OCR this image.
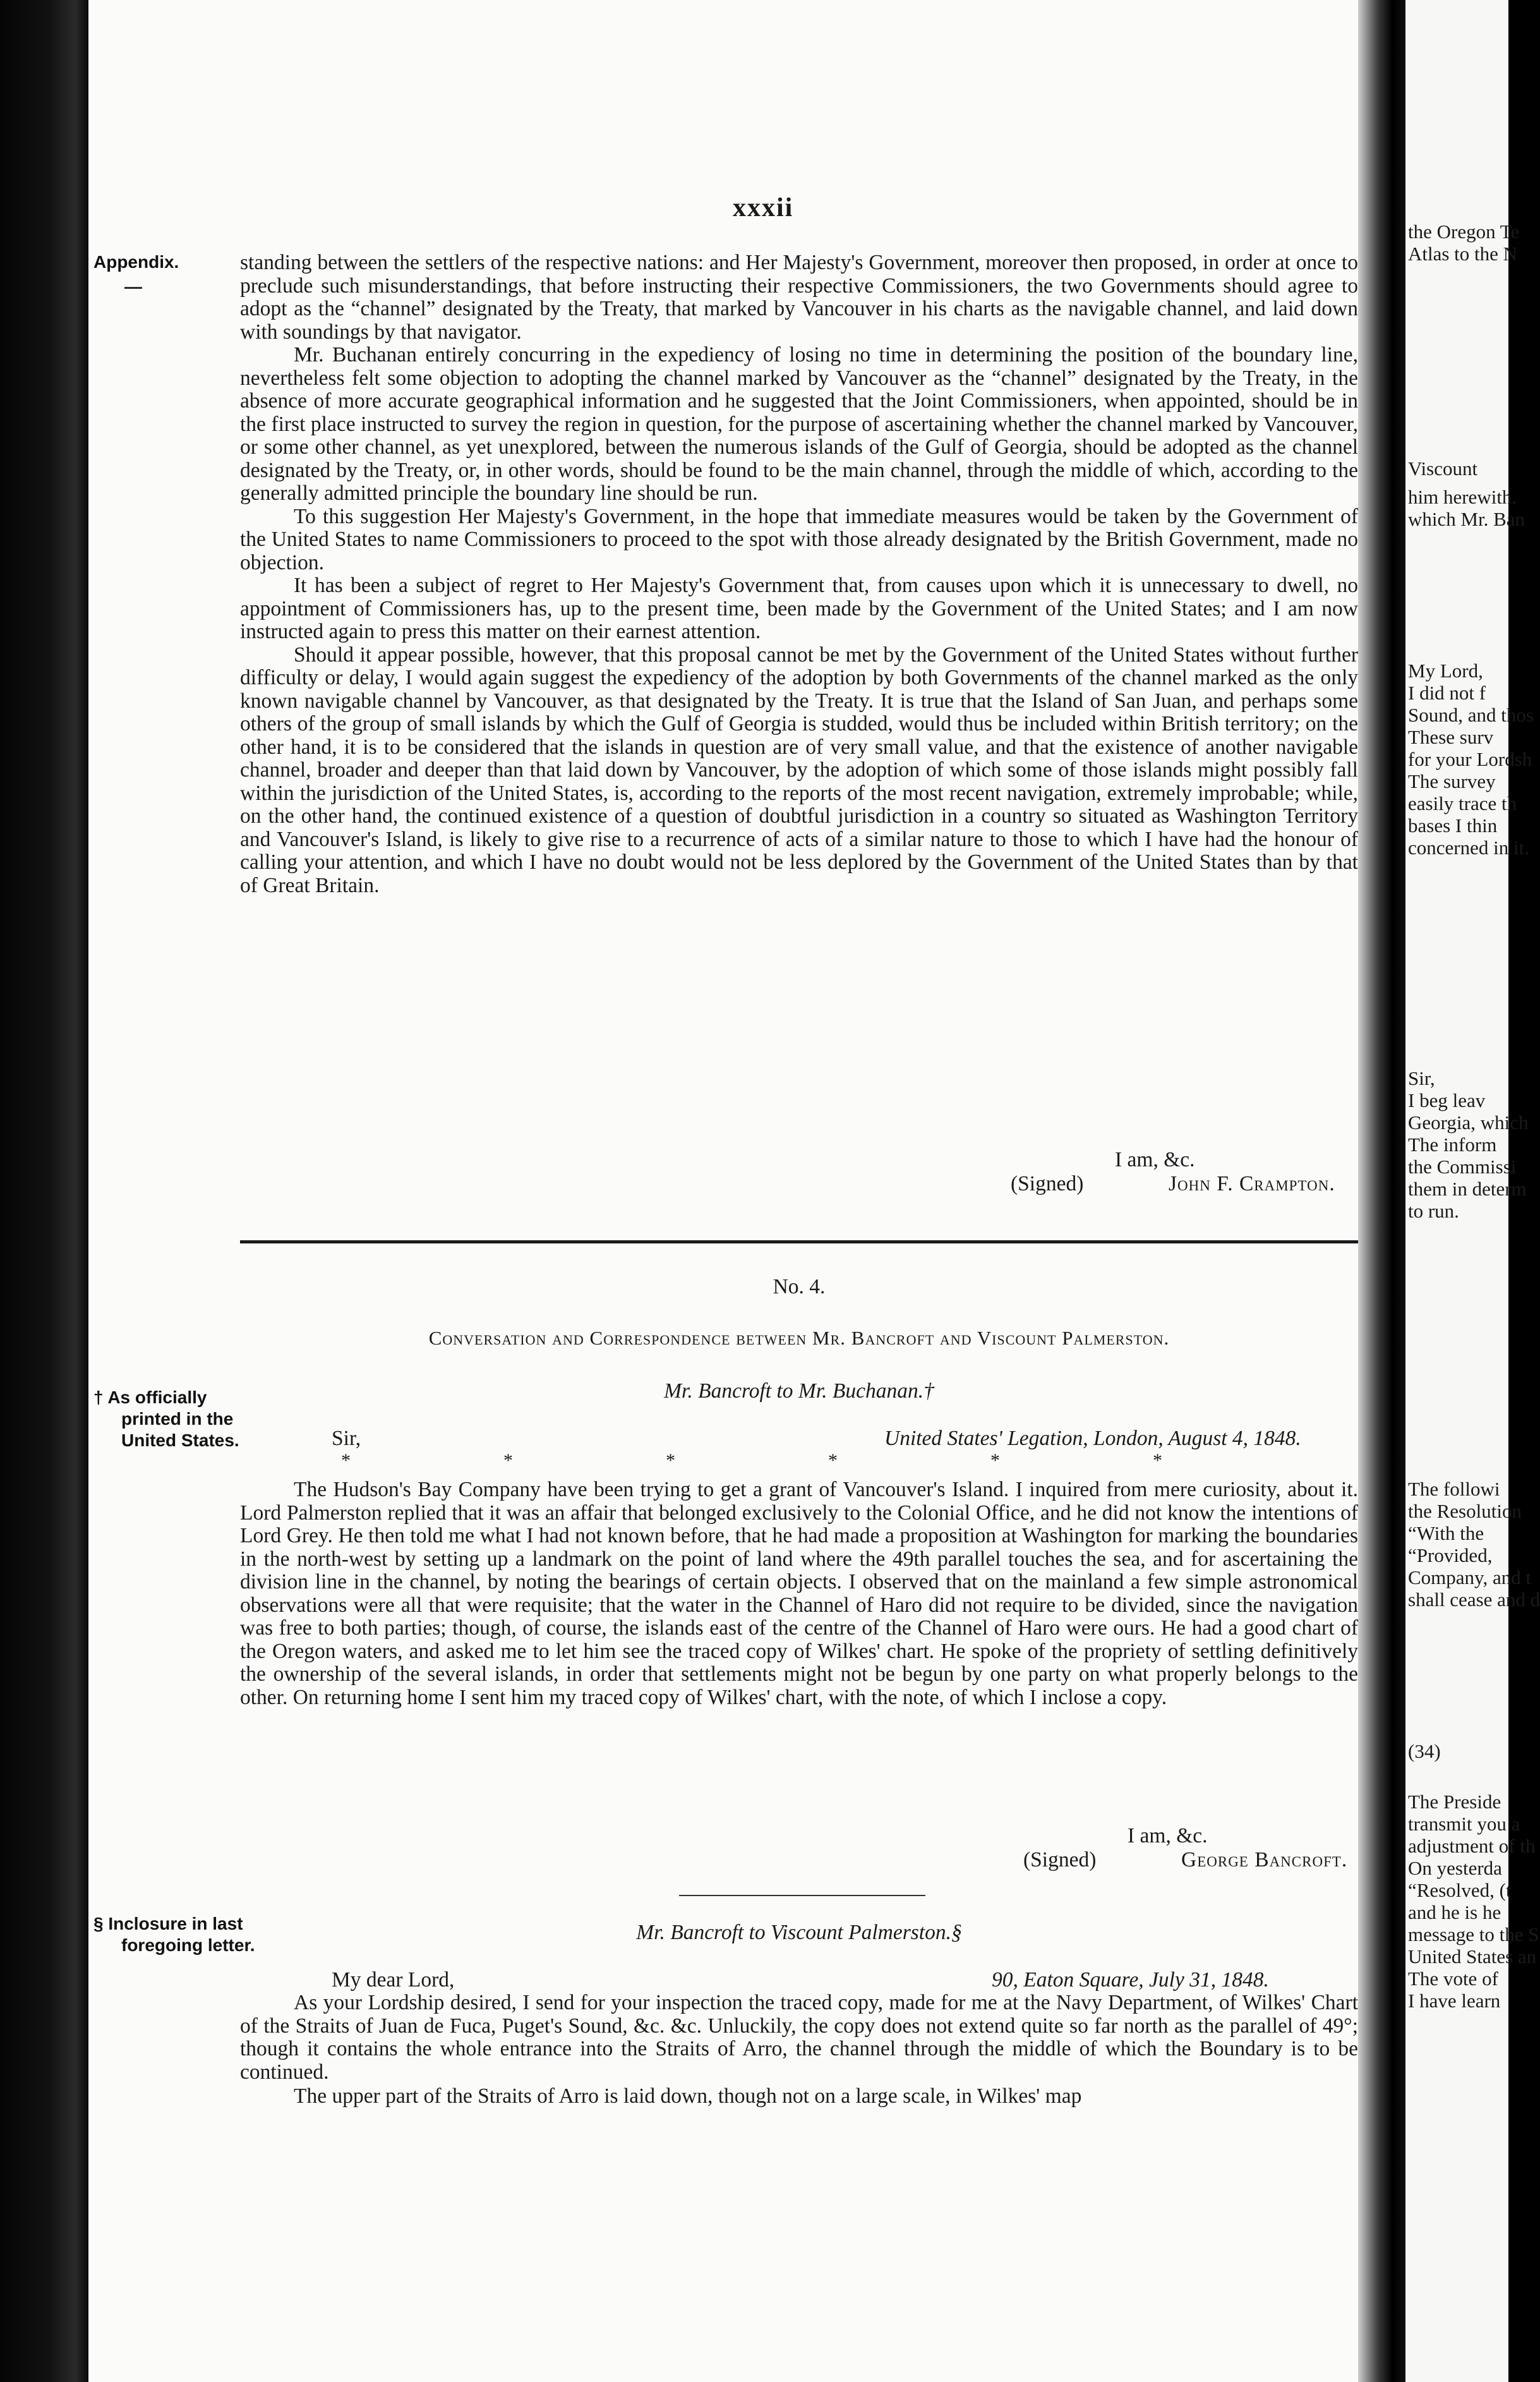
xxxii
Appendix.
—
† As officially
printed in the
United States.
§ Inclosure in last
foregoing letter.

standing between the settlers of the respective nations: and Her Majesty's Government, moreover then proposed, in order at once to preclude such misunderstandings, that before instructing their respective Commissioners, the two Governments should agree to adopt as the “channel” designated by the Treaty, that marked by Vancouver in his charts as the navigable channel, and laid down with soundings by that navigator.

Mr. Buchanan entirely concurring in the expediency of losing no time in determining the position of the boundary line, nevertheless felt some objection to adopting the channel marked by Vancouver as the “channel” designated by the Treaty, in the absence of more accurate geographical information and he suggested that the Joint Commissioners, when appointed, should be in the first place instructed to survey the region in question, for the purpose of ascertaining whether the channel marked by Vancouver, or some other channel, as yet unexplored, between the numerous islands of the Gulf of Georgia, should be adopted as the channel designated by the Treaty, or, in other words, should be found to be the main channel, through the middle of which, according to the generally admitted principle the boundary line should be run.

To this suggestion Her Majesty's Government, in the hope that immediate measures would be taken by the Government of the United States to name Commissioners to proceed to the spot with those already designated by the British Government, made no objection.

It has been a subject of regret to Her Majesty's Government that, from causes upon which it is unnecessary to dwell, no appointment of Commissioners has, up to the present time, been made by the Government of the United States; and I am now instructed again to press this matter on their earnest attention.

Should it appear possible, however, that this proposal cannot be met by the Government of the United States without further difficulty or delay, I would again suggest the expediency of the adoption by both Governments of the channel marked as the only known navigable channel by Vancouver, as that designated by the Treaty. It is true that the Island of San Juan, and perhaps some others of the group of small islands by which the Gulf of Georgia is studded, would thus be included within British territory; on the other hand, it is to be considered that the islands in question are of very small value, and that the existence of another navigable channel, broader and deeper than that laid down by Vancouver, by the adoption of which some of those islands might possibly fall within the jurisdiction of the United States, is, according to the reports of the most recent navigation, extremely improbable; while, on the other hand, the continued existence of a question of doubtful jurisdiction in a country so situated as Washington Territory and Vancouver's Island, is likely to give rise to a recurrence of acts of a similar nature to those to which I have had the honour of calling your attention, and which I have no doubt would not be less deplored by the Government of the United States than by that of Great Britain.

I am, &c.
(Signed)	John F. Crampton.
No. 4.
Conversation and Correspondence between Mr. Bancroft and Viscount Palmerston.
Mr. Bancroft to Mr. Buchanan.†
Sir,	United States' Legation, London, August 4, 1848.
*	*	*	*	*	*

The Hudson's Bay Company have been trying to get a grant of Vancouver's Island. I inquired from mere curiosity, about it. Lord Palmerston replied that it was an affair that belonged exclusively to the Colonial Office, and he did not know the intentions of Lord Grey. He then told me what I had not known before, that he had made a proposition at Washington for marking the boundaries in the north-west by setting up a landmark on the point of land where the 49th parallel touches the sea, and for ascertaining the division line in the channel, by noting the bearings of certain objects. I observed that on the mainland a few simple astronomical observations were all that were requisite; that the water in the Channel of Haro did not require to be divided, since the navigation was free to both parties; though, of course, the islands east of the centre of the Channel of Haro were ours. He had a good chart of the Oregon waters, and asked me to let him see the traced copy of Wilkes' chart. He spoke of the propriety of settling definitively the ownership of the several islands, in order that settlements might not be begun by one party on what properly belongs to the other. On returning home I sent him my traced copy of Wilkes' chart, with the note, of which I inclose a copy.

I am, &c.
(Signed)	George Bancroft.
Mr. Bancroft to Viscount Palmerston.§
My dear Lord,	90, Eaton Square, July 31, 1848.

As your Lordship desired, I send for your inspection the traced copy, made for me at the Navy Department, of Wilkes' Chart of the Straits of Juan de Fuca, Puget's Sound, &c. &c. Unluckily, the copy does not extend quite so far north as the parallel of 49°; though it contains the whole entrance into the Straits of Arro, the channel through the middle of which the Boundary is to be continued.

The upper part of the Straits of Arro is laid down, though not on a large scale, in Wilkes' map

the Oregon Te
Atlas to the N
Viscount
him herewith.
which Mr. Ban
My Lord,
I did not f
Sound, and thos
These surv
for your Lordsh
The survey
easily trace th
bases I thin
concerned in it.
Sir,
I beg leav
Georgia, which
The inform
the Commissi
them in determ
to run.
The followi
the Resolution
“With the
“Provided,
Company, and t
shall cease and d
(34)
The Preside
transmit you a
adjustment of th
On yesterda
“Resolved, (t
and he is he
message to the S
United States an
The vote of
I have learn
